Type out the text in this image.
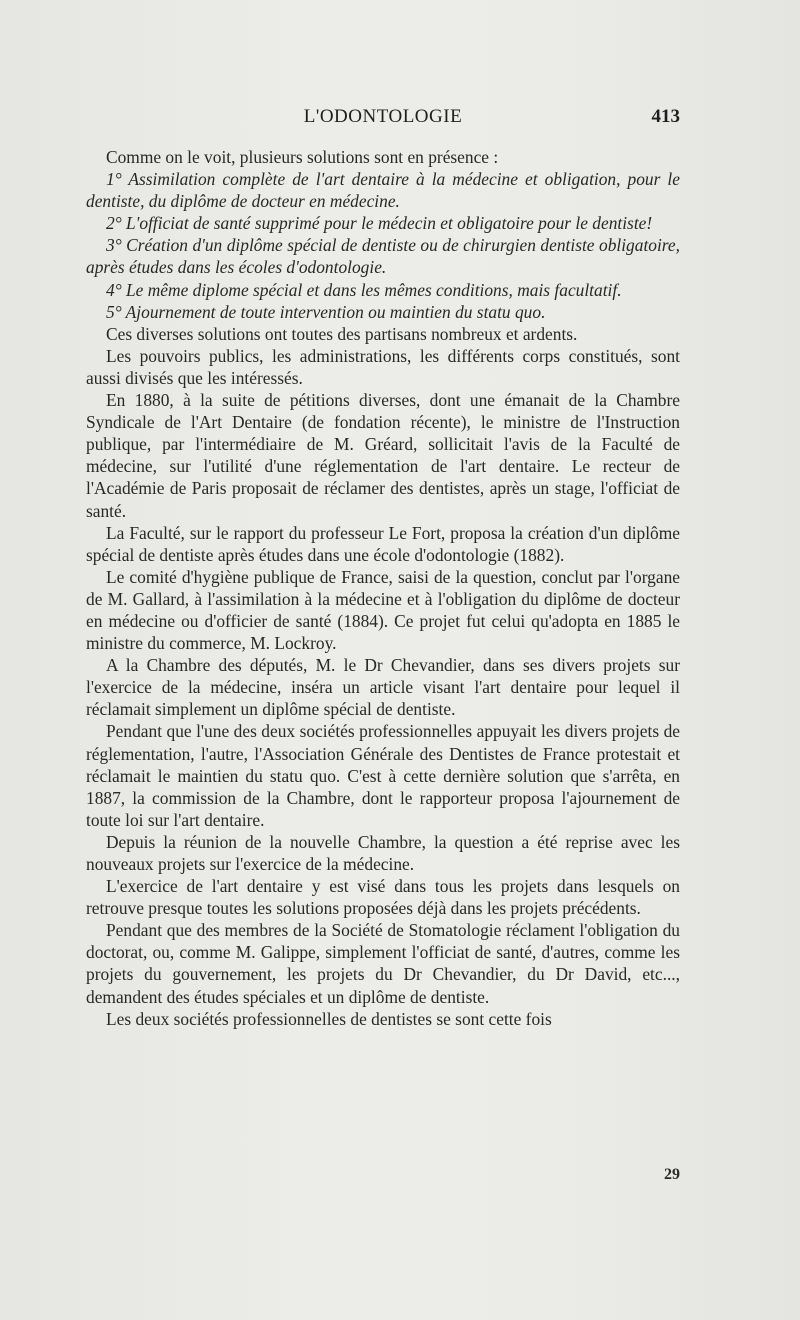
L'ODONTOLOGIE	413

Comme on le voit, plusieurs solutions sont en présence :

1° Assimilation complète de l'art dentaire à la médecine et obligation, pour le dentiste, du diplôme de docteur en médecine.

2° L'officiat de santé supprimé pour le médecin et obligatoire pour le dentiste!

3° Création d'un diplôme spécial de dentiste ou de chirurgien dentiste obligatoire, après études dans les écoles d'odontologie.

4° Le même diplome spécial et dans les mêmes conditions, mais facultatif.

5° Ajournement de toute intervention ou maintien du statu quo.

Ces diverses solutions ont toutes des partisans nombreux et ardents.

Les pouvoirs publics, les administrations, les différents corps constitués, sont aussi divisés que les intéressés.

En 1880, à la suite de pétitions diverses, dont une émanait de la Chambre Syndicale de l'Art Dentaire (de fondation récente), le ministre de l'Instruction publique, par l'intermédiaire de M. Gréard, sollicitait l'avis de la Faculté de médecine, sur l'utilité d'une réglementation de l'art dentaire. Le recteur de l'Académie de Paris proposait de réclamer des dentistes, après un stage, l'officiat de santé.

La Faculté, sur le rapport du professeur Le Fort, proposa la création d'un diplôme spécial de dentiste après études dans une école d'odontologie (1882).

Le comité d'hygiène publique de France, saisi de la question, conclut par l'organe de M. Gallard, à l'assimilation à la médecine et à l'obligation du diplôme de docteur en médecine ou d'officier de santé (1884). Ce projet fut celui qu'adopta en 1885 le ministre du commerce, M. Lockroy.

A la Chambre des députés, M. le Dr Chevandier, dans ses divers projets sur l'exercice de la médecine, inséra un article visant l'art dentaire pour lequel il réclamait simplement un diplôme spécial de dentiste.

Pendant que l'une des deux sociétés professionnelles appuyait les divers projets de réglementation, l'autre, l'Association Générale des Dentistes de France protestait et réclamait le maintien du statu quo. C'est à cette dernière solution que s'arrêta, en 1887, la commission de la Chambre, dont le rapporteur proposa l'ajournement de toute loi sur l'art dentaire.

Depuis la réunion de la nouvelle Chambre, la question a été reprise avec les nouveaux projets sur l'exercice de la médecine.

L'exercice de l'art dentaire y est visé dans tous les projets dans lesquels on retrouve presque toutes les solutions proposées déjà dans les projets précédents.

Pendant que des membres de la Société de Stomatologie réclament l'obligation du doctorat, ou, comme M. Galippe, simplement l'officiat de santé, d'autres, comme les projets du gouvernement, les projets du Dr Chevandier, du Dr David, etc..., demandent des études spéciales et un diplôme de dentiste.

Les deux sociétés professionnelles de dentistes se sont cette fois

29
